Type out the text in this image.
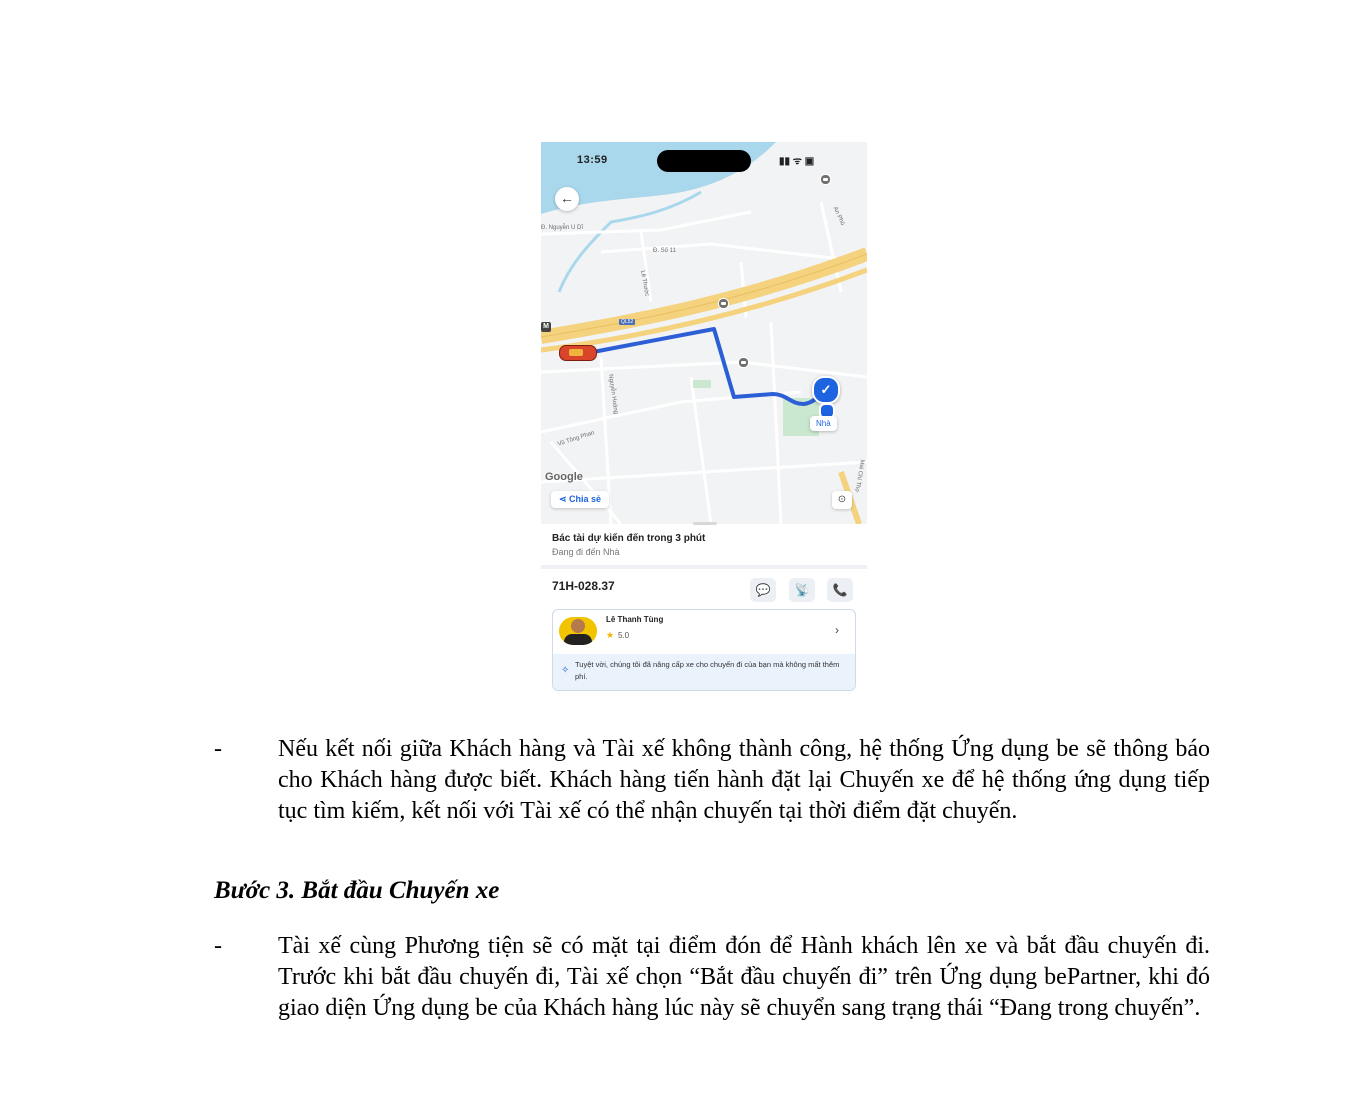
13:59	▮▮ ᯤ ▣
←
Đ. Nguyễn U Dĩ
Đ. Số 11
Lê Thước
Nguyễn Hoàng
Vũ Tông Phan
An Phú
Mai Chí Thọ
QL52
M
✓
Nhà
Google
⋖ Chia sẻ	⊙
Bác tài dự kiến đến trong 3 phút
Đang đi đến Nhà
71H-028.37	💬	📡	📞
Lê Thanh Tùng
★ 5.0	›
✧
Tuyệt vời, chúng tôi đã nâng cấp xe cho chuyến đi của bạn mà không mất thêm phí.
- Nếu kết nối giữa Khách hàng và Tài xế không thành công, hệ thống Ứng dụng be sẽ thông báo cho Khách hàng được biết. Khách hàng tiến hành đặt lại Chuyến xe để hệ thống ứng dụng tiếp tục tìm kiếm, kết nối với Tài xế có thể nhận chuyến tại thời điểm đặt chuyến.
Bước 3. Bắt đầu Chuyến xe
- Tài xế cùng Phương tiện sẽ có mặt tại điểm đón để Hành khách lên xe và bắt đầu chuyến đi. Trước khi bắt đầu chuyến đi, Tài xế chọn “Bắt đầu chuyến đi” trên Ứng dụng bePartner, khi đó giao diện Ứng dụng be của Khách hàng lúc này sẽ chuyển sang trạng thái “Đang trong chuyến”.
